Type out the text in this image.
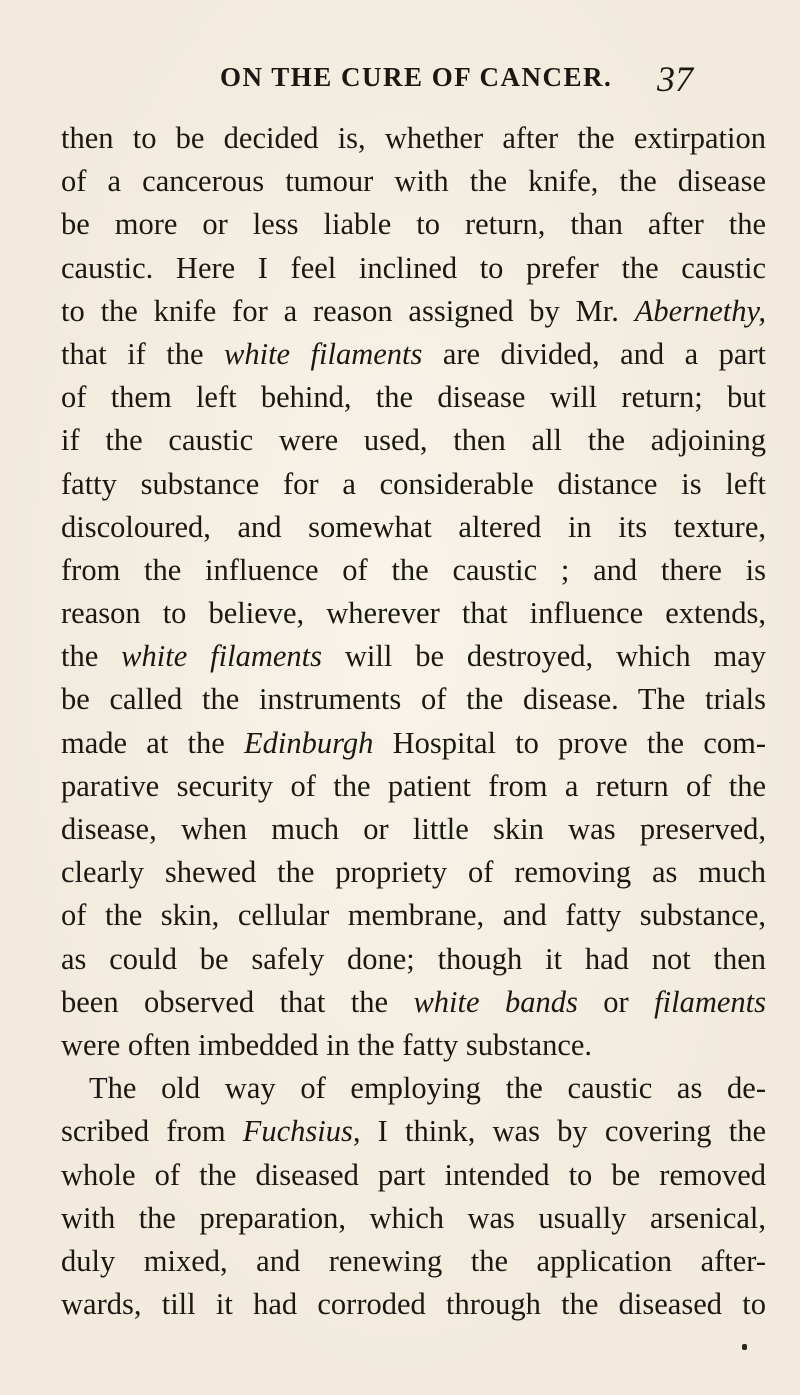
ON THE CURE OF CANCER. 37
then to be decided is, whether after the extirpation
of a cancerous tumour with the knife, the disease
be more or less liable to return, than after the
caustic. Here I feel inclined to prefer the caustic
to the knife for a reason assigned by Mr. Abernethy,
that if the white filaments are divided, and a part
of them left behind, the disease will return; but
if the caustic were used, then all the adjoining
fatty substance for a considerable distance is left
discoloured, and somewhat altered in its texture,
from the influence of the caustic ; and there is
reason to believe, wherever that influence extends,
the white filaments will be destroyed, which may
be called the instruments of the disease. The trials
made at the Edinburgh Hospital to prove the com-
parative security of the patient from a return of the
disease, when much or little skin was preserved,
clearly shewed the propriety of removing as much
of the skin, cellular membrane, and fatty substance,
as could be safely done; though it had not then
been observed that the white bands or filaments
were often imbedded in the fatty substance.
The old way of employing the caustic as de-
scribed from Fuchsius, I think, was by covering the
whole of the diseased part intended to be removed
with the preparation, which was usually arsenical,
duly mixed, and renewing the application after-
wards, till it had corroded through the diseased to
